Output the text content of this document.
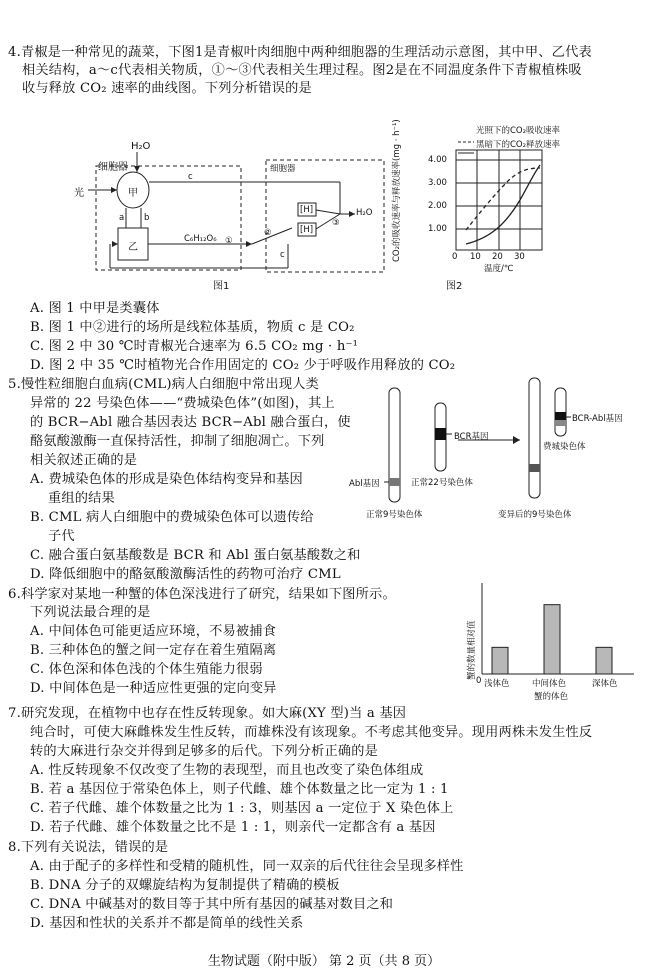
4.青椒是一种常见的蔬菜，下图1是青椒叶肉细胞中两种细胞器的生理活动示意图，其中甲、乙代表
相关结构，a～c代表相关物质，①～③代表相关生理过程。图2是在不同温度条件下青椒植株吸
收与释放 CO₂ 速率的曲线图。下列分析错误的是
H₂O
细胞器
甲
光
a b
c
乙
C₆H₁₂O₆ ①
②
细胞器
[H]
[H]
③
H₂O
c
图1
CO₂的吸收速率与释放速率(mg · h⁻¹)	光照下的CO₂吸收速率
黑暗下的CO₂释放速率
4.00
3.00
2.00
1.00
0 10 20 30
温度/℃
图2
A. 图 1 中甲是类囊体
B. 图 1 中②进行的场所是线粒体基质，物质 c 是 CO₂
C. 图 2 中 30 ℃时青椒光合速率为 6.5 CO₂ mg · h⁻¹
D. 图 2 中 35 ℃时植物光合作用固定的 CO₂ 少于呼吸作用释放的 CO₂
5.慢性粒细胞白血病(CML)病人白细胞中常出现人类
异常的 22 号染色体——“费城染色体”(如图)，其上
的 BCR−Abl 融合基因表达 BCR−Abl 融合蛋白，使
酪氨酸激酶一直保持活性，抑制了细胞凋亡。下列
相关叙述正确的是
A. 费城染色体的形成是染色体结构变异和基因
重组的结果
B. CML 病人白细胞中的费城染色体可以遗传给
子代
C. 融合蛋白氨基酸数是 BCR 和 Abl 蛋白氨基酸数之和
D. 降低细胞中的酪氨酸激酶活性的药物可治疗 CML
BCR基因
Abl基因	正常22号染色体
费城染色体
BCR-Abl基因
正常9号染色体	变异后的9号染色体
6.科学家对某地一种蟹的体色深浅进行了研究，结果如下图所示。
下列说法最合理的是
A. 中间体色可能更适应环境，不易被捕食
B. 三种体色的蟹之间一定存在着生殖隔离
C. 体色深和体色浅的个体生殖能力很弱
D. 中间体色是一种适应性更强的定向变异
蟹的数量相对值
0 浅体色	中间体色	深体色
蟹的体色
7.研究发现，在植物中也存在性反转现象。如大麻(XY 型)当 a 基因
纯合时，可使大麻雌株发生性反转，而雄株没有该现象。不考虑其他变异。现用两株未发生性反
转的大麻进行杂交并得到足够多的后代。下列分析正确的是
A. 性反转现象不仅改变了生物的表现型，而且也改变了染色体组成
B. 若 a 基因位于常染色体上，则子代雌、雄个体数量之比一定为 1 : 1
C. 若子代雌、雄个体数量之比为 1 : 3，则基因 a 一定位于 X 染色体上
D. 若子代雌、雄个体数量之比不是 1 : 1，则亲代一定都含有 a 基因
8.下列有关说法，错误的是
A. 由于配子的多样性和受精的随机性，同一双亲的后代往往会呈现多样性
B. DNA 分子的双螺旋结构为复制提供了精确的模板
C. DNA 中碱基对的数目等于其中所有基因的碱基对数目之和
D. 基因和性状的关系并不都是简单的线性关系
生物试题（附中版） 第 2 页（共 8 页）
